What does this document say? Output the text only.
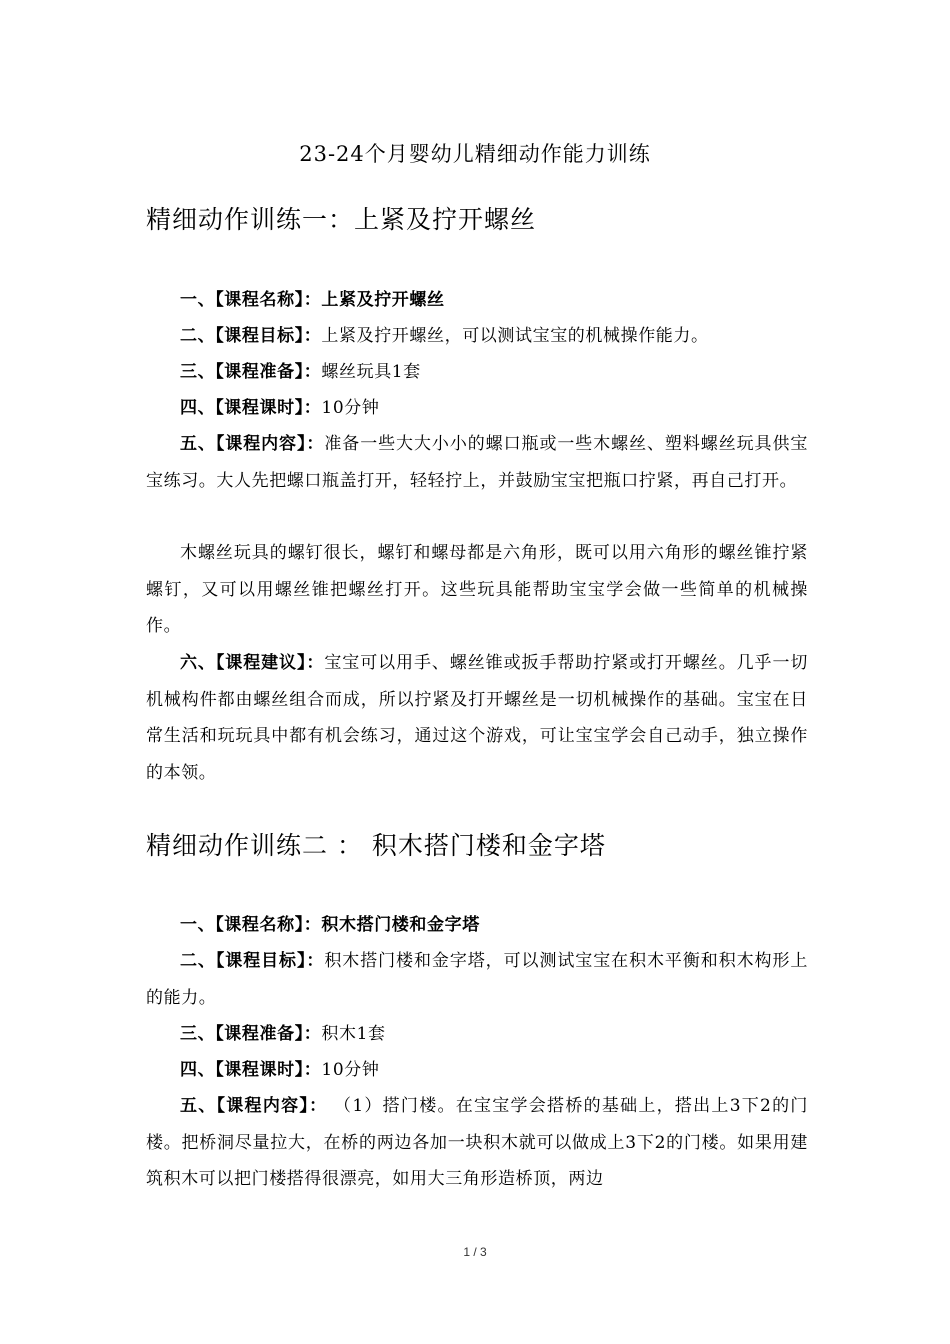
23-24个月婴幼儿精细动作能力训练
精细动作训练一：上紧及拧开螺丝

一、【课程名称】：上紧及拧开螺丝

二、【课程目标】：上紧及拧开螺丝，可以测试宝宝的机械操作能力。

三、【课程准备】：螺丝玩具1套

四、【课程课时】：10分钟

五、【课程内容】：准备一些大大小小的螺口瓶或一些木螺丝、塑料螺丝玩具供宝宝练习。大人先把螺口瓶盖打开，轻轻拧上，并鼓励宝宝把瓶口拧紧，再自己打开。

木螺丝玩具的螺钉很长，螺钉和螺母都是六角形，既可以用六角形的螺丝锥拧紧螺钉，又可以用螺丝锥把螺丝打开。这些玩具能帮助宝宝学会做一些简单的机械操作。

六、【课程建议】：宝宝可以用手、螺丝锥或扳手帮助拧紧或打开螺丝。几乎一切机械构件都由螺丝组合而成，所以拧紧及打开螺丝是一切机械操作的基础。宝宝在日常生活和玩玩具中都有机会练习，通过这个游戏，可让宝宝学会自己动手，独立操作的本领。

精细动作训练二 ： 积木搭门楼和金字塔

一、【课程名称】：积木搭门楼和金字塔

二、【课程目标】：积木搭门楼和金字塔，可以测试宝宝在积木平衡和积木构形上的能力。

三、【课程准备】：积木1套

四、【课程课时】：10分钟

五、【课程内容】： （1）搭门楼。在宝宝学会搭桥的基础上，搭出上3下2的门楼。把桥洞尽量拉大，在桥的两边各加一块积木就可以做成上3下2的门楼。如果用建筑积木可以把门楼搭得很漂亮，如用大三角形造桥顶，两边

1 / 3
